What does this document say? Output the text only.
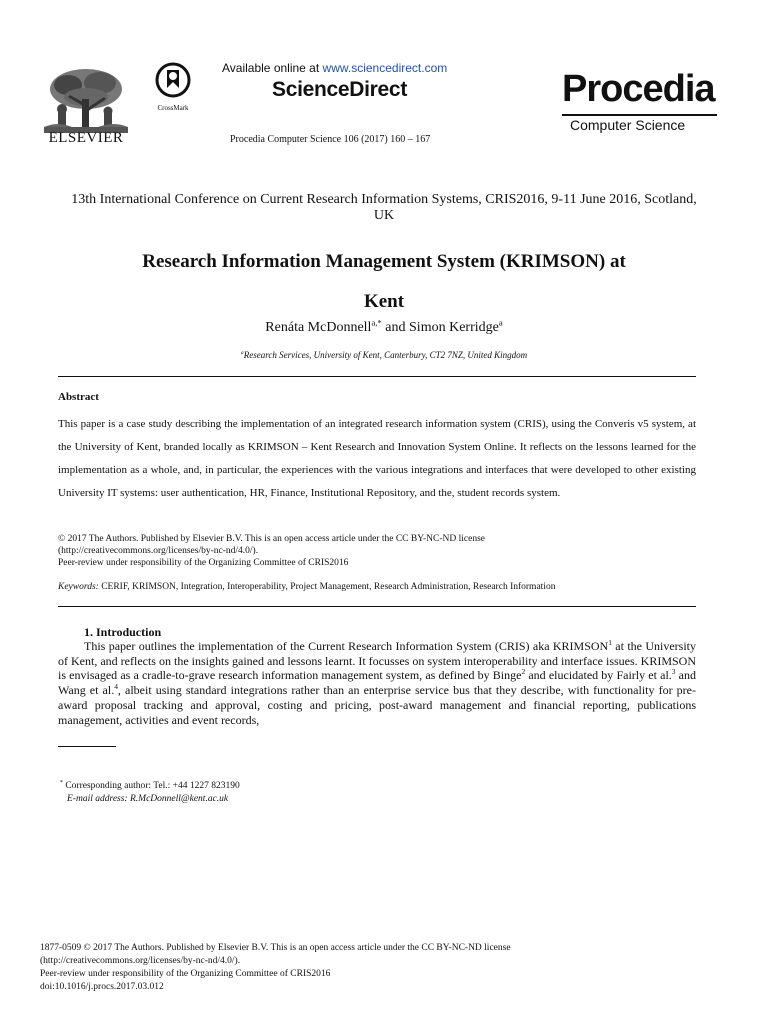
ELSEVIER
CrossMark
Available online at www.sciencedirect.com
ScienceDirect
Procedia Computer Science 106 (2017) 160 – 167
Procedia
Computer Science
13th International Conference on Current Research Information Systems, CRIS2016, 9-11 June 2016, Scotland, UK
Research Information Management System (KRIMSON) at
Kent
Renáta McDonnell$^{a,*}$ and Simon Kerridge$^a$
$^a$Research Services, University of Kent, Canterbury, CT2 7NZ, United Kingdom
Abstract
This paper is a case study describing the implementation of an integrated research information system (CRIS), using the Converis v5 system, at the University of Kent, branded locally as KRIMSON – Kent Research and Innovation System Online. It reflects on the lessons learned for the implementation as a whole, and, in particular, the experiences with the various integrations and interfaces that were developed to other existing University IT systems: user authentication, HR, Finance, Institutional Repository, and the, student records system.
© 2017 The Authors. Published by Elsevier B.V. This is an open access article under the CC BY-NC-ND license
(http://creativecommons.org/licenses/by-nc-nd/4.0/).
Peer-review under responsibility of the Organizing Committee of CRIS2016
Keywords: CERIF, KRIMSON, Integration, Interoperability, Project Management, Research Administration, Research Information
1. Introduction
This paper outlines the implementation of the Current Research Information System (CRIS) aka KRIMSON$^1$ at the University of Kent, and reflects on the insights gained and lessons learnt. It focusses on system interoperability and interface issues. KRIMSON is envisaged as a cradle-to-grave research information management system, as defined by Binge$^2$ and elucidated by Fairly et al.$^3$ and Wang et al.$^4$, albeit using standard integrations rather than an enterprise service bus that they describe, with functionality for pre-award proposal tracking and approval, costing and pricing, post-award management and financial reporting, publications management, activities and event records,
* Corresponding author: Tel.: +44 1227 823190
E-mail address: R.McDonnell@kent.ac.uk
1877-0509 © 2017 The Authors. Published by Elsevier B.V. This is an open access article under the CC BY-NC-ND license
(http://creativecommons.org/licenses/by-nc-nd/4.0/).
Peer-review under responsibility of the Organizing Committee of CRIS2016
doi:10.1016/j.procs.2017.03.012
